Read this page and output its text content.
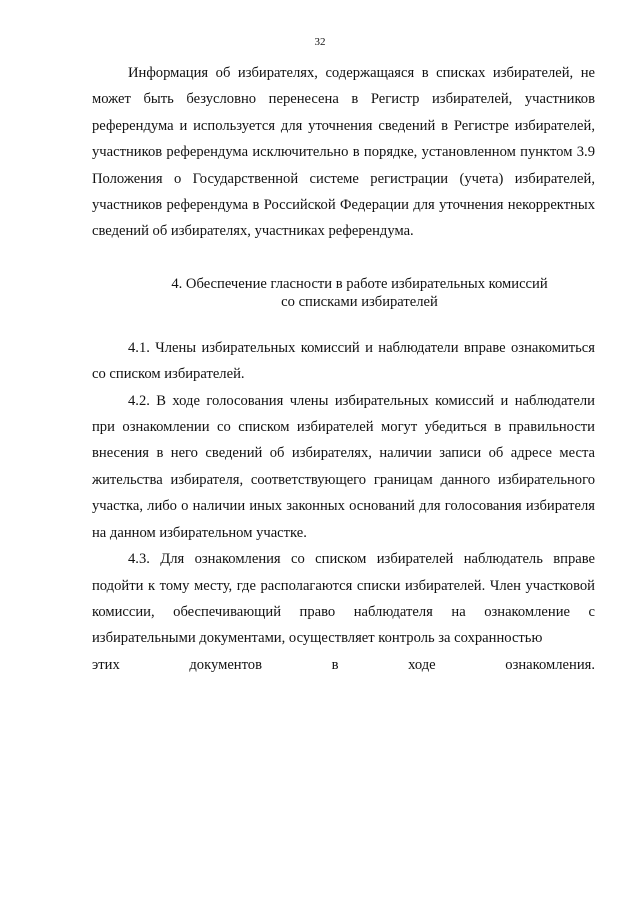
32

Информация об избирателях, содержащаяся в списках избирателей, не может быть безусловно перенесена в Регистр избирателей, участников референдума и используется для уточнения сведений в Регистре избирателей, участников референдума исключительно в порядке, установленном пунктом 3.9 Положения о Государственной системе регистрации (учета) избирателей, участников референдума в Российской Федерации для уточнения некорректных сведений об избирателях, участниках референдума.

4. Обеспечение гласности в работе избирательных комиссий
со списками избирателей

4.1. Члены избирательных комиссий и наблюдатели вправе ознакомиться со списком избирателей.

4.2. В ходе голосования члены избирательных комиссий и наблюдатели при ознакомлении со списком избирателей могут убедиться в правильности внесения в него сведений об избирателях, наличии записи об адресе места жительства избирателя, соответствующего границам данного избирательного участка, либо о наличии иных законных оснований для голосования избирателя на данном избирательном участке.

4.3. Для ознакомления со списком избирателей наблюдатель вправе подойти к тому месту, где располагаются списки избирателей. Член участковой комиссии, обеспечивающий право наблюдателя на ознакомление с избирательными документами, осуществляет контроль за сохранностью

этих документов в ходе ознакомления.
